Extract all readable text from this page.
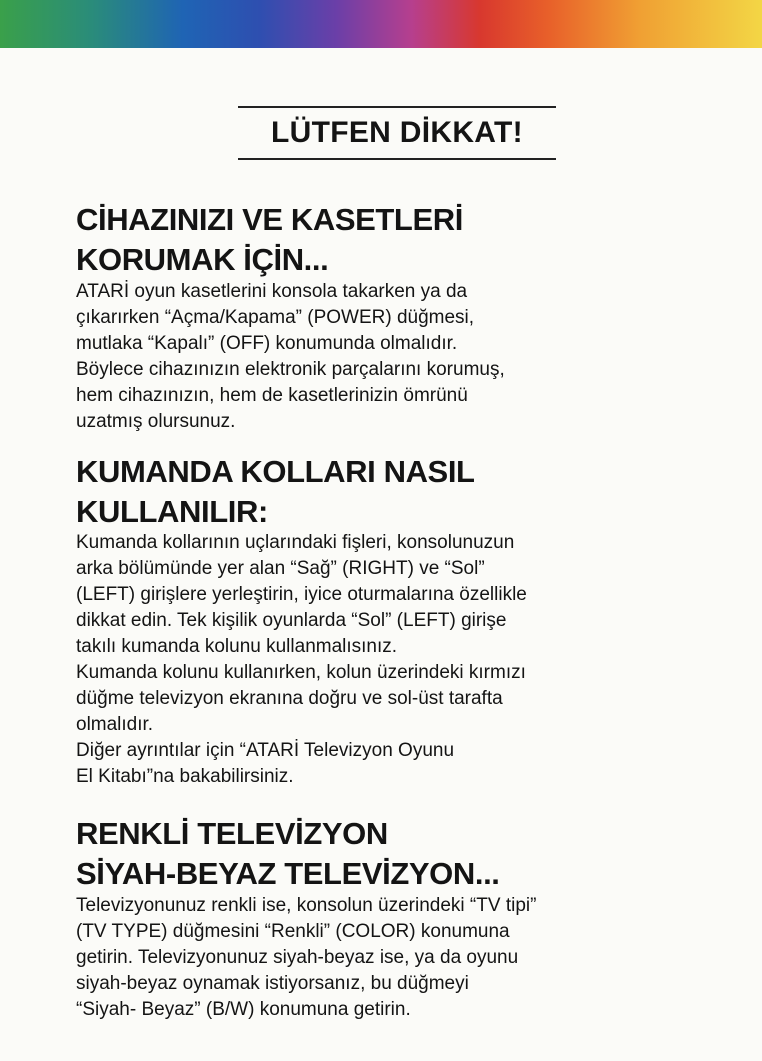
LÜTFEN DİKKAT!
CİHAZINIZI VE KASETLERİ
KORUMAK İÇİN...
ATARİ oyun kasetlerini konsola takarken ya da
çıkarırken “Açma/Kapama” (POWER) düğmesi,
mutlaka “Kapalı” (OFF) konumunda olmalıdır.
Böylece cihazınızın elektronik parçalarını korumuş,
hem cihazınızın, hem de kasetlerinizin ömrünü
uzatmış olursunuz.
KUMANDA KOLLARI NASIL
KULLANILIR:
Kumanda kollarının uçlarındaki fişleri, konsolunuzun
arka bölümünde yer alan “Sağ” (RIGHT) ve “Sol”
(LEFT) girişlere yerleştirin, iyice oturmalarına özellikle
dikkat edin. Tek kişilik oyunlarda “Sol” (LEFT) girişe
takılı kumanda kolunu kullanmalısınız.
Kumanda kolunu kullanırken, kolun üzerindeki kırmızı
düğme televizyon ekranına doğru ve sol-üst tarafta
olmalıdır.
Diğer ayrıntılar için “ATARİ Televizyon Oyunu
El Kitabı”na bakabilirsiniz.
RENKLİ TELEVİZYON
SİYAH-BEYAZ TELEVİZYON...
Televizyonunuz renkli ise, konsolun üzerindeki “TV tipi”
(TV TYPE) düğmesini “Renkli” (COLOR) konumuna
getirin. Televizyonunuz siyah-beyaz ise, ya da oyunu
siyah-beyaz oynamak istiyorsanız, bu düğmeyi
“Siyah- Beyaz” (B/W) konumuna getirin.
